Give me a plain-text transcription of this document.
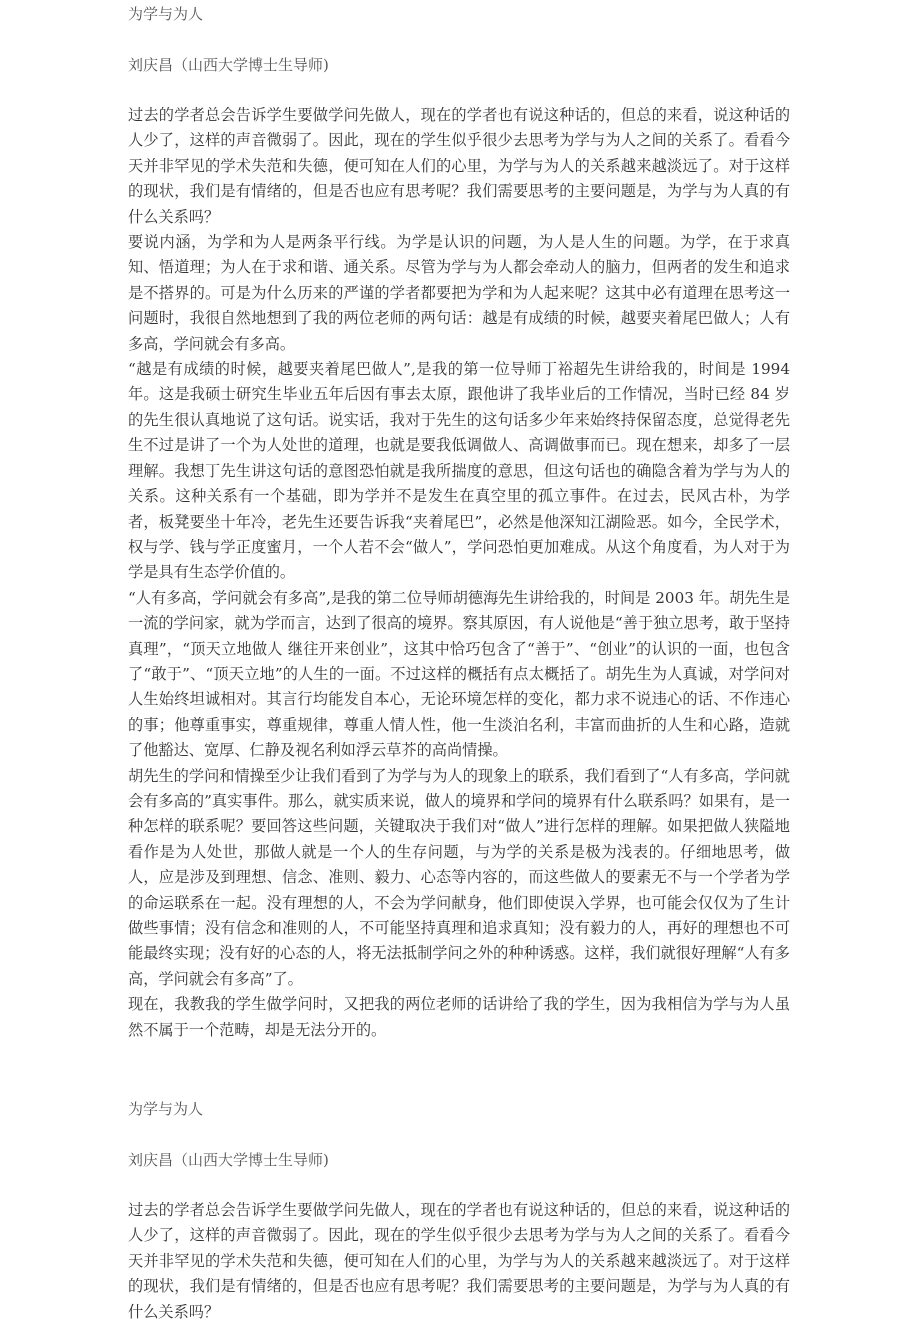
为学与为人

刘庆昌（山西大学博士生导师)

过去的学者总会告诉学生要做学问先做人，现在的学者也有说这种话的，但总的来看，说这种话的人少了，这样的声音微弱了。因此，现在的学生似乎很少去思考为学与为人之间的关系了。看看今天并非罕见的学术失范和失德，便可知在人们的心里，为学与为人的关系越来越淡远了。对于这样的现状，我们是有情绪的，但是否也应有思考呢？我们需要思考的主要问题是，为学与为人真的有什么关系吗？

要说内涵，为学和为人是两条平行线。为学是认识的问题，为人是人生的问题。为学，在于求真知、悟道理；为人在于求和谐、通关系。尽管为学与为人都会牵动人的脑力，但两者的发生和追求是不搭界的。可是为什么历来的严谨的学者都要把为学和为人起来呢？这其中必有道理在思考这一问题时，我很自然地想到了我的两位老师的两句话：越是有成绩的时候，越要夹着尾巴做人；人有多高，学问就会有多高。

“越是有成绩的时候，越要夹着尾巴做人”,是我的第一位导师丁裕超先生讲给我的，时间是 1994 年。这是我硕士研究生毕业五年后因有事去太原，跟他讲了我毕业后的工作情况，当时已经 84 岁的先生很认真地说了这句话。说实话，我对于先生的这句话多少年来始终持保留态度，总觉得老先生不过是讲了一个为人处世的道理，也就是要我低调做人、高调做事而已。现在想来，却多了一层理解。我想丁先生讲这句话的意图恐怕就是我所揣度的意思，但这句话也的确隐含着为学与为人的关系。这种关系有一个基础，即为学并不是发生在真空里的孤立事件。在过去，民风古朴，为学者，板凳要坐十年冷，老先生还要告诉我“夹着尾巴”，必然是他深知江湖险恶。如今，全民学术，权与学、钱与学正度蜜月，一个人若不会“做人”，学问恐怕更加难成。从这个角度看，为人对于为学是具有生态学价值的。

“人有多高，学问就会有多高”,是我的第二位导师胡德海先生讲给我的，时间是 2003 年。胡先生是一流的学问家，就为学而言，达到了很高的境界。察其原因，有人说他是“善于独立思考，敢于坚持真理”，“顶天立地做人 继往开来创业”，这其中恰巧包含了“善于”、“创业”的认识的一面，也包含了“敢于”、“顶天立地”的人生的一面。不过这样的概括有点太概括了。胡先生为人真诚，对学问对人生始终坦诚相对。其言行均能发自本心，无论环境怎样的变化，都力求不说违心的话、不作违心的事；他尊重事实，尊重规律，尊重人情人性，他一生淡泊名利，丰富而曲折的人生和心路，造就了他豁达、宽厚、仁静及视名利如浮云草芥的高尚情操。

胡先生的学问和情操至少让我们看到了为学与为人的现象上的联系，我们看到了“人有多高，学问就会有多高的”真实事件。那么，就实质来说，做人的境界和学问的境界有什么联系吗？如果有，是一种怎样的联系呢？要回答这些问题，关键取决于我们对“做人”进行怎样的理解。如果把做人狭隘地看作是为人处世，那做人就是一个人的生存问题，与为学的关系是极为浅表的。仔细地思考，做人，应是涉及到理想、信念、准则、毅力、心态等内容的，而这些做人的要素无不与一个学者为学的命运联系在一起。没有理想的人，不会为学问献身，他们即使误入学界，也可能会仅仅为了生计做些事情；没有信念和准则的人，不可能坚持真理和追求真知；没有毅力的人，再好的理想也不可能最终实现；没有好的心态的人，将无法抵制学问之外的种种诱惑。这样，我们就很好理解“人有多高，学问就会有多高”了。

现在，我教我的学生做学问时，又把我的两位老师的话讲给了我的学生，因为我相信为学与为人虽然不属于一个范畴，却是无法分开的。

为学与为人

刘庆昌（山西大学博士生导师)

过去的学者总会告诉学生要做学问先做人，现在的学者也有说这种话的，但总的来看，说这种话的人少了，这样的声音微弱了。因此，现在的学生似乎很少去思考为学与为人之间的关系了。看看今天并非罕见的学术失范和失德，便可知在人们的心里，为学与为人的关系越来越淡远了。对于这样的现状，我们是有情绪的，但是否也应有思考呢？我们需要思考的主要问题是，为学与为人真的有什么关系吗？
